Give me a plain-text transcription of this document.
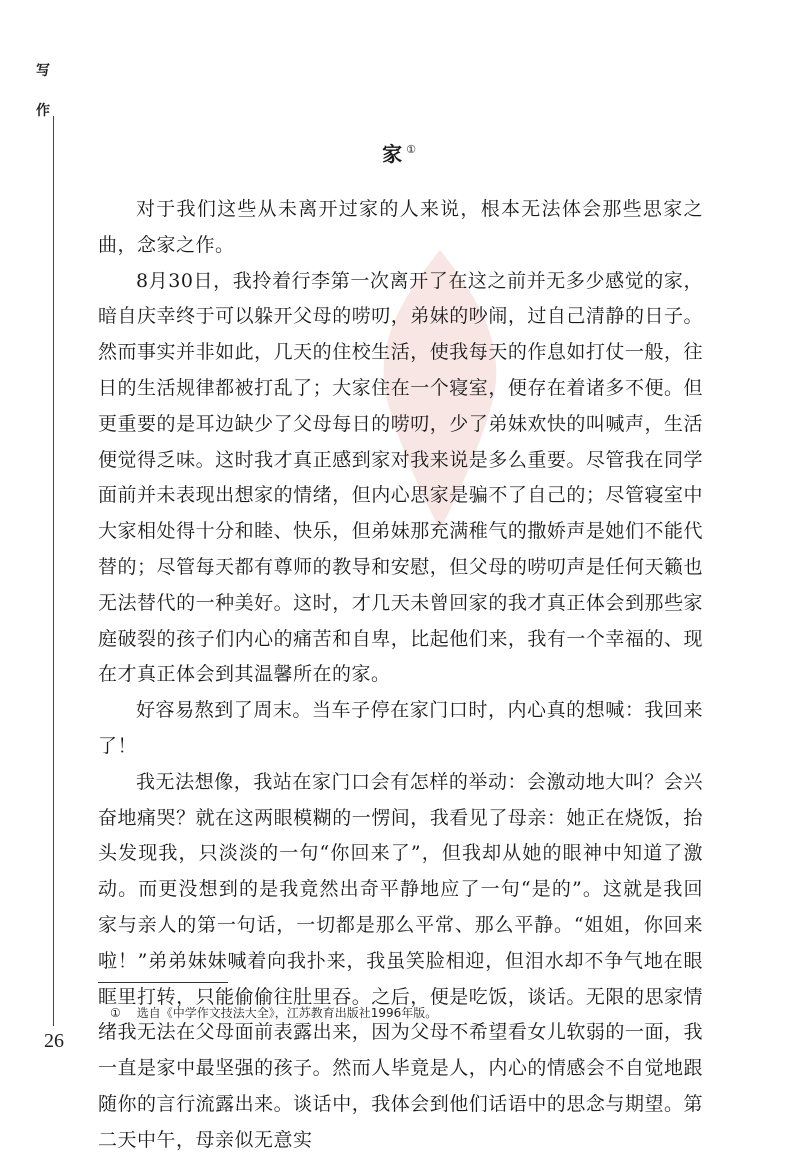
写
作
家 ①

对于我们这些从未离开过家的人来说，根本无法体会那些思家之曲，念家之作。

8月30日，我拎着行李第一次离开了在这之前并无多少感觉的家，暗自庆幸终于可以躲开父母的唠叨，弟妹的吵闹，过自己清静的日子。然而事实并非如此，几天的住校生活，使我每天的作息如打仗一般，往日的生活规律都被打乱了；大家住在一个寝室，便存在着诸多不便。但更重要的是耳边缺少了父母每日的唠叨，少了弟妹欢快的叫喊声，生活便觉得乏味。这时我才真正感到家对我来说是多么重要。尽管我在同学面前并未表现出想家的情绪，但内心思家是骗不了自己的；尽管寝室中大家相处得十分和睦、快乐，但弟妹那充满稚气的撒娇声是她们不能代替的；尽管每天都有尊师的教导和安慰，但父母的唠叨声是任何天籁也无法替代的一种美好。这时，才几天未曾回家的我才真正体会到那些家庭破裂的孩子们内心的痛苦和自卑，比起他们来，我有一个幸福的、现在才真正体会到其温馨所在的家。

好容易熬到了周末。当车子停在家门口时，内心真的想喊：我回来了！

我无法想像，我站在家门口会有怎样的举动：会激动地大叫？会兴奋地痛哭？就在这两眼模糊的一愣间，我看见了母亲：她正在烧饭，抬头发现我，只淡淡的一句“你回来了”，但我却从她的眼神中知道了激动。而更没想到的是我竟然出奇平静地应了一句“是的”。这就是我回家与亲人的第一句话，一切都是那么平常、那么平静。“姐姐，你回来啦！”弟弟妹妹喊着向我扑来，我虽笑脸相迎，但泪水却不争气地在眼眶里打转，只能偷偷往肚里吞。之后，便是吃饭，谈话。无限的思家情绪我无法在父母面前表露出来，因为父母不希望看女儿软弱的一面，我一直是家中最坚强的孩子。然而人毕竟是人，内心的情感会不自觉地跟随你的言行流露出来。谈话中，我体会到他们话语中的思念与期望。第二天中午，母亲似无意实

① 选自《中学作文技法大全》，江苏教育出版社1996年版。
26
